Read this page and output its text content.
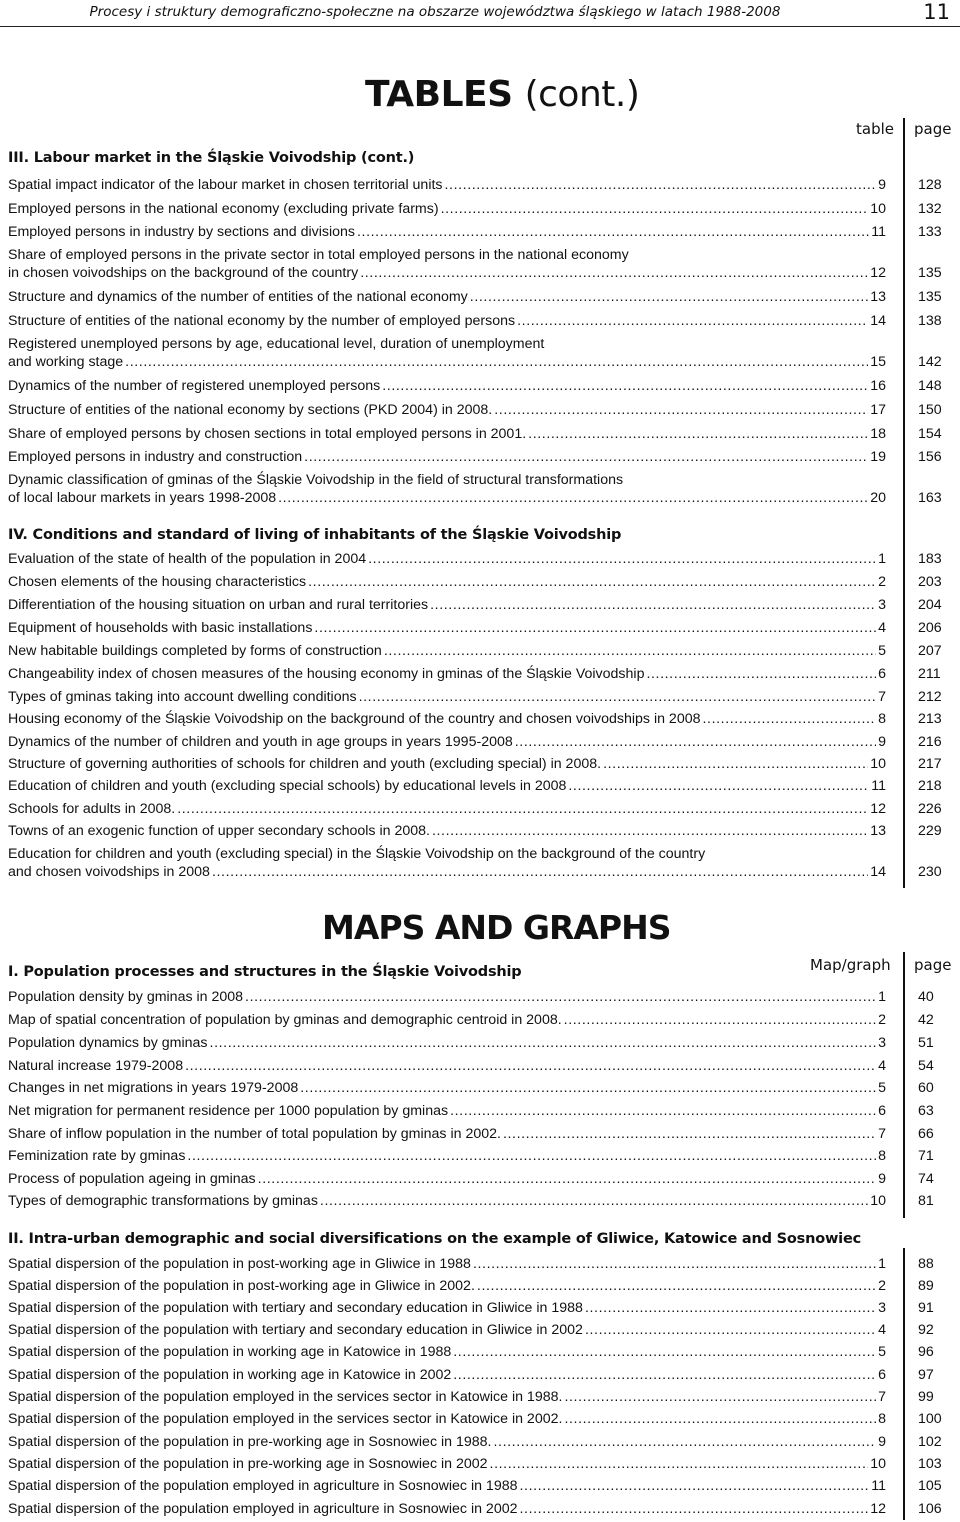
Procesy i struktury demograficzno-społeczne na obszarze województwa śląskiego w latach 1988-2008	11
TABLES (cont.)
table page
III. Labour market in the Śląskie Voivodship (cont.)
Spatial impact indicator of the labour market in chosen territorial units .....	9 128
Employed persons in the national economy (excluding private farms) .....	10 132
Employed persons in industry by sections and divisions .....	11 133
Share of employed persons in the private sector in total employed persons in the national economy
in chosen voivodships on the background of the country .....	12 135
Structure and dynamics of the number of entities of the national economy .....	13 135
Structure of entities of the national economy by the number of employed persons .....	14 138
Registered unemployed persons by age, educational level, duration of unemployment
and working stage .....	15 142
Dynamics of the number of registered unemployed persons .....	16 148
Structure of entities of the national economy by sections (PKD 2004) in 2008. .....	17 150
Share of employed persons by chosen sections in total employed persons in 2001. .....	18 154
Employed persons in industry and construction .....	19 156
Dynamic classification of gminas of the Śląskie Voivodship in the field of structural transformations
of local labour markets in years 1998-2008 .....	20 163
IV. Conditions and standard of living of inhabitants of the Śląskie Voivodship
Evaluation of the state of health of the population in 2004 .....	1 183
Chosen elements of the housing characteristics .....	2 203
Differentiation of the housing situation on urban and rural territories .....	3 204
Equipment of households with basic installations .....	4 206
New habitable buildings completed by forms of construction .....	5 207
Changeability index of chosen measures of the housing economy in gminas of the Śląskie Voivodship .....	6 211
Types of gminas taking into account dwelling conditions .....	7 212
Housing economy of the Śląskie Voivodship on the background of the country and chosen voivodships in 2008 .....	8 213
Dynamics of the number of children and youth in age groups in years 1995-2008 .....	9 216
Structure of governing authorities of schools for children and youth (excluding special) in 2008. .....	10 217
Education of children and youth (excluding special schools) by educational levels in 2008 .....	11 218
Schools for adults in 2008. .....	12 226
Towns of an exogenic function of upper secondary schools in 2008. .....	13 229
Education for children and youth (excluding special) in the Śląskie Voivodship on the background of the country
and chosen voivodships in 2008 .....	14 230
MAPS AND GRAPHS
Map/graph page
I. Population processes and structures in the Śląskie Voivodship
Population density by gminas in 2008 .....	1 40
Map of spatial concentration of population by gminas and demographic centroid in 2008. .....	2 42
Population dynamics by gminas .....	3 51
Natural increase 1979-2008 .....	4 54
Changes in net migrations in years 1979-2008 .....	5 60
Net migration for permanent residence per 1000 population by gminas .....	6 63
Share of inflow population in the number of total population by gminas in 2002. .....	7 66
Feminization rate by gminas .....	8 71
Process of population ageing in gminas .....	9 74
Types of demographic transformations by gminas .....	10 81
II. Intra-urban demographic and social diversifications on the example of Gliwice, Katowice and Sosnowiec
Spatial dispersion of the population in post-working age in Gliwice in 1988 .....	1 88
Spatial dispersion of the population in post-working age in Gliwice in 2002. .....	2 89
Spatial dispersion of the population with tertiary and secondary education in Gliwice in 1988 .....	3 91
Spatial dispersion of the population with tertiary and secondary education in Gliwice in 2002 .....	4 92
Spatial dispersion of the population in working age in Katowice in 1988 .....	5 96
Spatial dispersion of the population in working age in Katowice in 2002 .....	6 97
Spatial dispersion of the population employed in the services sector in Katowice in 1988. .....	7 99
Spatial dispersion of the population employed in the services sector in Katowice in 2002. .....	8 100
Spatial dispersion of the population in pre-working age in Sosnowiec in 1988. .....	9 102
Spatial dispersion of the population in pre-working age in Sosnowiec in 2002 .....	10 103
Spatial dispersion of the population employed in agriculture in Sosnowiec in 1988 .....	11 105
Spatial dispersion of the population employed in agriculture in Sosnowiec in 2002 .....	12 106
